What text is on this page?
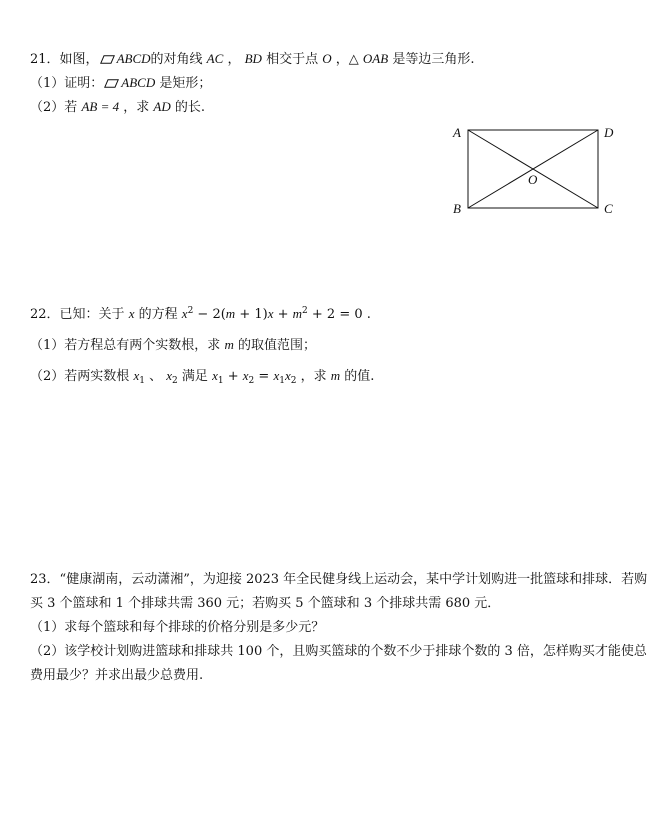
21．如图， ABCD的对角线 AC ， BD 相交于点 O ，△ OAB 是等边三角形.
（1）证明： ABCD 是矩形；
（2）若 AB = 4 ，求 AD 的长.
A	D
O
B	C
22．已知：关于 x 的方程 $x^2 - 2(m + 1)x + m^2 + 2 = 0$ .
（1）若方程总有两个实数根，求 m 的取值范围；
（2）若两实数根 $x_1$ 、 $x_2$ 满足 $x_1 + x_2 = x_1x_2$ ，求 m 的值.
23．“健康湖南，云动潇湘”，为迎接 2023 年全民健身线上运动会，某中学计划购进一批篮球和排球．若购
买 3 个篮球和 1 个排球共需 360 元；若购买 5 个篮球和 3 个排球共需 680 元．
（1）求每个篮球和每个排球的价格分别是多少元？
（2）该学校计划购进篮球和排球共 100 个，且购买篮球的个数不少于排球个数的 3 倍，怎样购买才能使总
费用最少？并求出最少总费用.
